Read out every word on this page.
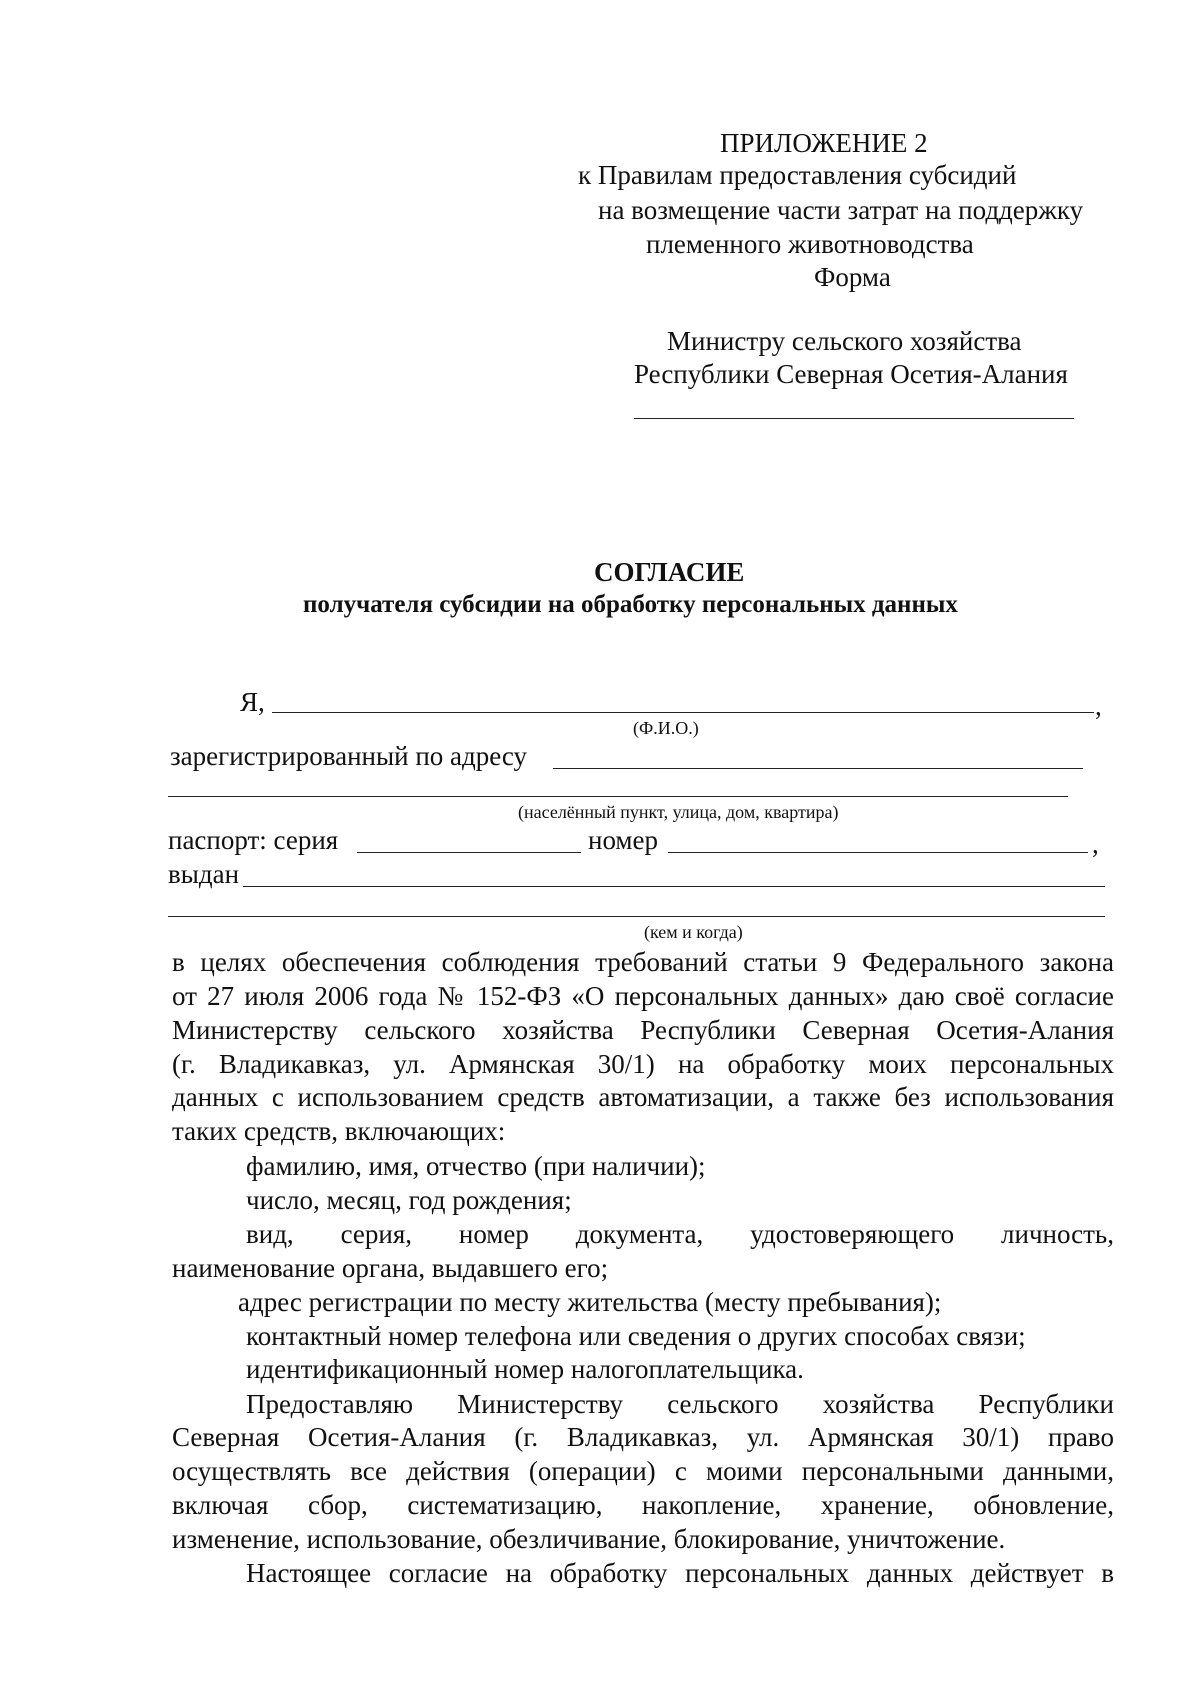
ПРИЛОЖЕНИЕ 2
к Правилам предоставления субсидий
на возмещение части затрат на поддержку
племенного животноводства
Форма
Министру сельского хозяйства
Республики Северная Осетия-Алания
СОГЛАСИЕ
получателя субсидии на обработку персональных данных
Я,	,
(Ф.И.О.)
зарегистрированный по адресу
(населённый пункт, улица, дом, квартира)
паспорт: серия	номер	,
выдан
(кем и когда)
в целях обеспечения соблюдения требований статьи 9 Федерального закона
от 27 июля 2006 года № 152-ФЗ «О персональных данных» даю своё согласие
Министерству сельского хозяйства Республики Северная Осетия-Алания
(г. Владикавказ, ул. Армянская 30/1) на обработку моих персональных
данных с использованием средств автоматизации, а также без использования
таких средств, включающих:
фамилию, имя, отчество (при наличии);
число, месяц, год рождения;
вид, серия, номер документа, удостоверяющего личность,
наименование органа, выдавшего его;
адрес регистрации по месту жительства (месту пребывания);
контактный номер телефона или сведения о других способах связи;
идентификационный номер налогоплательщика.
Предоставляю Министерству сельского хозяйства Республики
Северная Осетия-Алания (г. Владикавказ, ул. Армянская 30/1) право
осуществлять все действия (операции) с моими персональными данными,
включая сбор, систематизацию, накопление, хранение, обновление,
изменение, использование, обезличивание, блокирование, уничтожение.
Настоящее согласие на обработку персональных данных действует в
